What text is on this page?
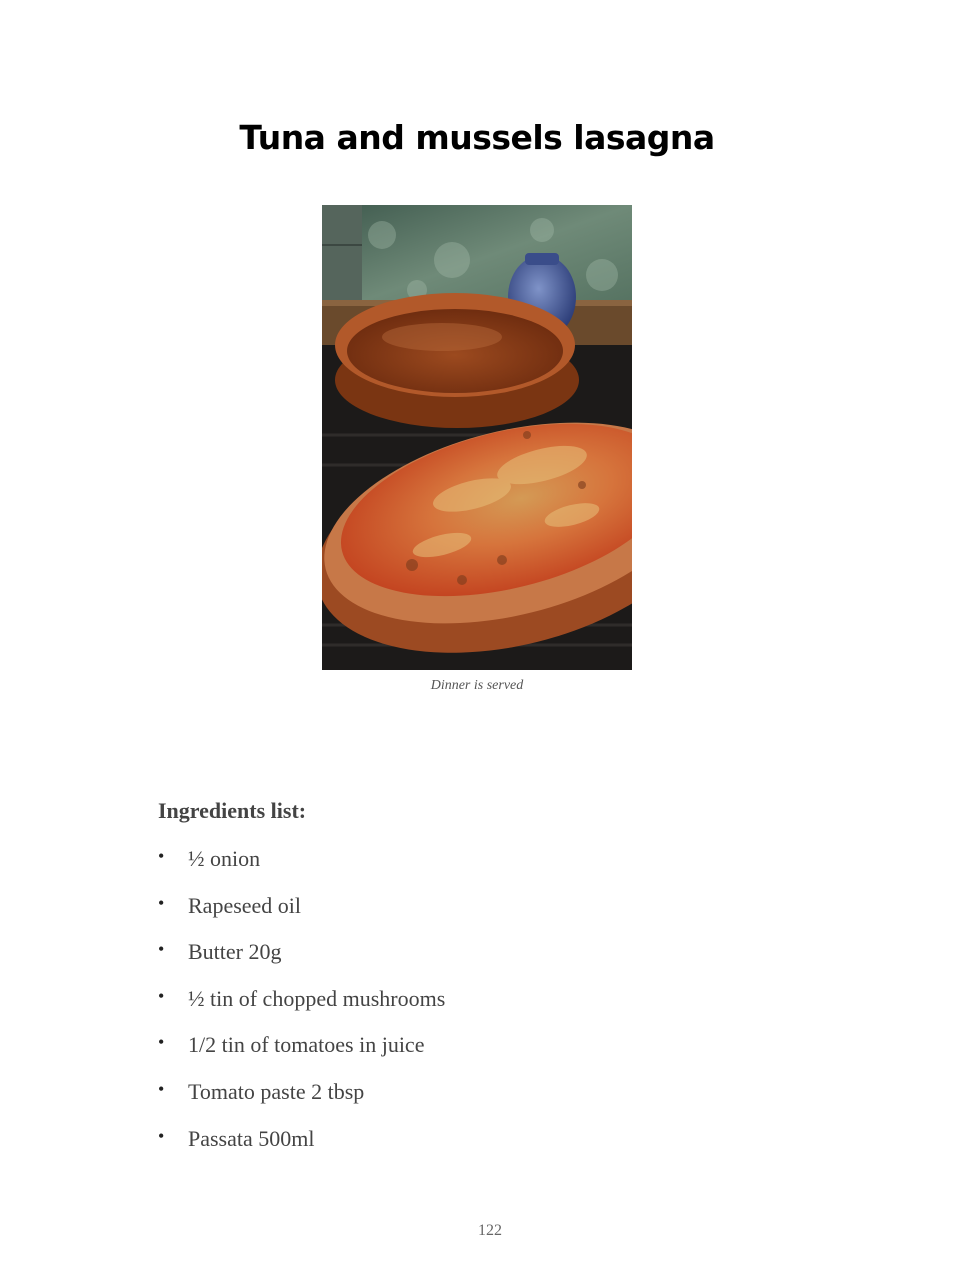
Tuna and mussels lasagna
Dinner is served
Ingredients list:
• ½ onion
• Rapeseed oil
• Butter 20g
• ½ tin of chopped mushrooms
• 1/2 tin of tomatoes in juice
• Tomato paste 2 tbsp
• Passata 500ml
122
